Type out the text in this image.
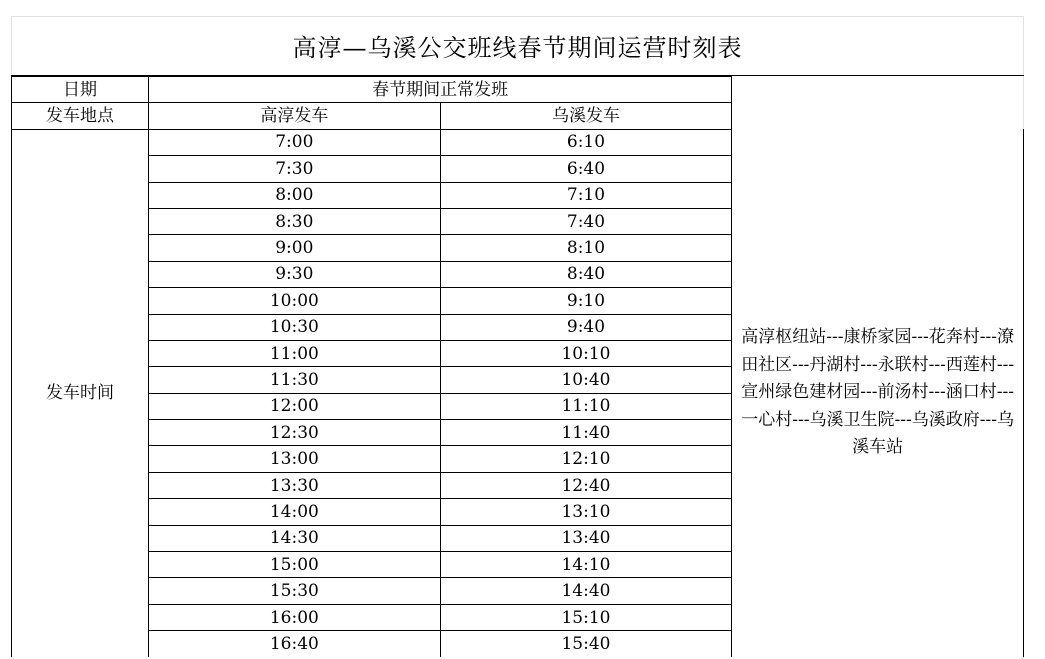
高淳—乌溪公交班线春节期间运营时刻表
日期	春节期间正常发班		
发车地点	高淳发车	乌溪发车	
发车时间	7:00	6:10	高淳枢纽站---康桥家园---花奔村---潦田社区---丹湖村---永联村---西莲村---宣州绿色建材园---前汤村---涵口村---一心村---乌溪卫生院---乌溪政府---乌溪车站
	7:30	6:40	
	8:00	7:10	
	8:30	7:40	
	9:00	8:10	
	9:30	8:40	
	10:00	9:10	
	10:30	9:40	
	11:00	10:10	
	11:30	10:40	
	12:00	11:10	
	12:30	11:40	
	13:00	12:10	
	13:30	12:40	
	14:00	13:10	
	14:30	13:40	
	15:00	14:10	
	15:30	14:40	
	16:00	15:10	
	16:40	15:40	
